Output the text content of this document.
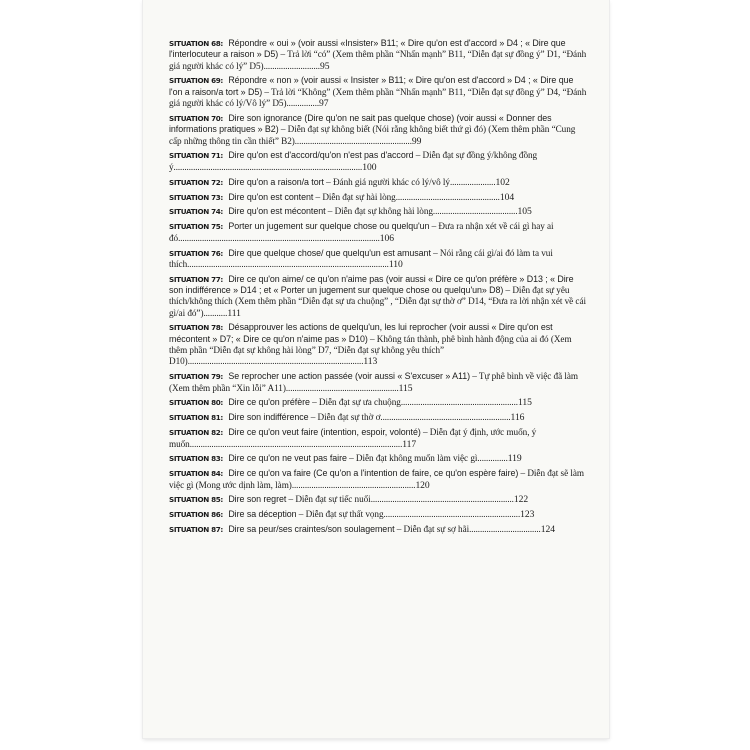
SITUATION 68: Répondre « oui » (voir aussi «Insister» B11; « Dire qu'on est d'accord » D4 ; « Dire que l'interlocuteur a raison » D5) – Trả lời “có” (Xem thêm phần “Nhấn mạnh” B11, “Diễn đạt sự đồng ý” D1, “Đánh giá người khác có lý” D5)..........................95
SITUATION 69: Répondre « non » (voir aussi « Insister » B11; « Dire qu'on est d'accord » D4 ; « Dire que l'on a raison/a tort » D5) – Trả lời “Không” (Xem thêm phần “Nhấn mạnh” B11, “Diễn đạt sự đồng ý” D4, “Đánh giá người khác có lý/Vô lý” D5)...............97
SITUATION 70: Dire son ignorance (Dire qu'on ne sait pas quelque chose) (voir aussi « Donner des informations pratiques » B2) – Diễn đạt sự không biết (Nói rằng không biết thứ gì đó) (Xem thêm phần “Cung cấp những thông tin cần thiết” B2)......................................................99
SITUATION 71: Dire qu'on est d'accord/qu'on n'est pas d'accord – Diễn đạt sự đồng ý/không đồng ý.......................................................................................100
SITUATION 72: Dire qu'on a raison/a tort – Đánh giá người khác có lý/vô lý.....................102
SITUATION 73: Dire qu'on est content – Diễn đạt sự hài lòng................................................104
SITUATION 74: Dire qu'on est mécontent – Diễn đạt sự không hài lòng.......................................105
SITUATION 75: Porter un jugement sur quelque chose ou quelqu'un – Đưa ra nhận xét về cái gì hay ai đó.............................................................................................106
SITUATION 76: Dire que quelque chose/ que quelqu'un est amusant – Nói rằng cái gì/ai đó làm ta vui thích.............................................................................................110
SITUATION 77: Dire ce qu'on aime/ ce qu'on n'aime pas (voir aussi « Dire ce qu'on préfère » D13 ; « Dire son indifférence » D14 ; et « Porter un jugement sur quelque chose ou quelqu'un» D8) – Diễn đạt sự yêu thích/không thích (Xem thêm phần “Diễn đạt sự ưa chuộng” , “Diễn đạt sự thờ ơ” D14, “Đưa ra lời nhận xét về cái gì/ai đó”)...........111
SITUATION 78: Désapprouver les actions de quelqu'un, les lui reprocher (voir aussi « Dire qu'on est mécontent » D7; « Dire ce qu'on n'aime pas » D10) – Không tán thành, phê bình hành động của ai đó (Xem thêm phần “Diễn đạt sự không hài lòng” D7, “Diễn đạt sự không yêu thích” D10).................................................................................113
SITUATION 79: Se reprocher une action passée (voir aussi « S'excuser » A11) – Tự phê bình về việc đã làm (Xem thêm phần “Xin lỗi” A11)....................................................115
SITUATION 80: Dire ce qu'on préfère – Diễn đạt sự ưa chuộng......................................................115
SITUATION 81: Dire son indifférence – Diễn đạt sự thờ ơ............................................................116
SITUATION 82: Dire ce qu'on veut faire (intention, espoir, volonté) – Diễn đạt ý định, ước muốn, ý muốn..................................................................................................117
SITUATION 83: Dire ce qu'on ne veut pas faire – Diễn đạt không muốn làm việc gì..............119
SITUATION 84: Dire ce qu'on va faire (Ce qu'on a l'intention de faire, ce qu'on espère faire) – Diễn đạt sẽ làm việc gì (Mong ước dịnh làm, làm).........................................................120
SITUATION 85: Dire son regret – Diễn đạt sự tiếc nuối..................................................................122
SITUATION 86: Dire sa déception – Diễn đạt sự thất vọng...............................................................123
SITUATION 87: Dire sa peur/ses craintes/son soulagement – Diễn đạt sự sợ hãi.................................124
